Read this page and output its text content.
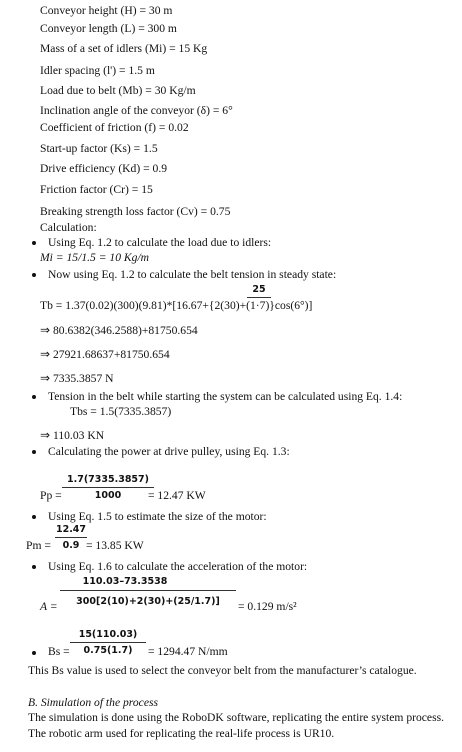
Conveyor height (H) = 30 m
Conveyor length (L) = 300 m
Mass of a set of idlers (Mi) = 15 Kg
Idler spacing (l') = 1.5 m
Load due to belt (Mb) = 30 Kg/m
Inclination angle of the conveyor (δ) = 6°
Coefficient of friction (f) = 0.02
Start-up factor (Ks) = 1.5
Drive efficiency (Kd) = 0.9
Friction factor (Cr) = 15
Breaking strength loss factor (Cv) = 0.75
Calculation:
Using Eq. 1.2 to calculate the load due to idlers:
Mi = 15/1.5 = 10 Kg/m
Now using Eq. 1.2 to calculate the belt tension in steady state:
25
Tb = 1.37(0.02)(300)(9.81)*[16.67+{2(30)+(1·7)}cos(6°)]
⇒ 80.6382(346.2588)+81750.654
⇒ 27921.68637+81750.654
⇒ 7335.3857 N
Tension in the belt while starting the system can be calculated using Eq. 1.4:
Tbs = 1.5(7335.3857)
⇒ 110.03 KN
Calculating the power at drive pulley, using Eq. 1.3:
1.7(7335.3857)
Pp =	1000	= 12.47 KW
Using Eq. 1.5 to estimate the size of the motor:
12.47
Pm =	0.9 = 13.85 KW
Using Eq. 1.6 to calculate the acceleration of the motor:
110.03–73.3538
A =	300[2(10)+2(30)+(25/1.7)]	= 0.129 m/s²
15(110.03)
Bs =	0.75(1.7)	= 1294.47 N/mm
This Bs value is used to select the conveyor belt from the manufacturer’s catalogue.
B. Simulation of the process
The simulation is done using the RoboDK software, replicating the entire system process.
The robotic arm used for replicating the real-life process is UR10.
